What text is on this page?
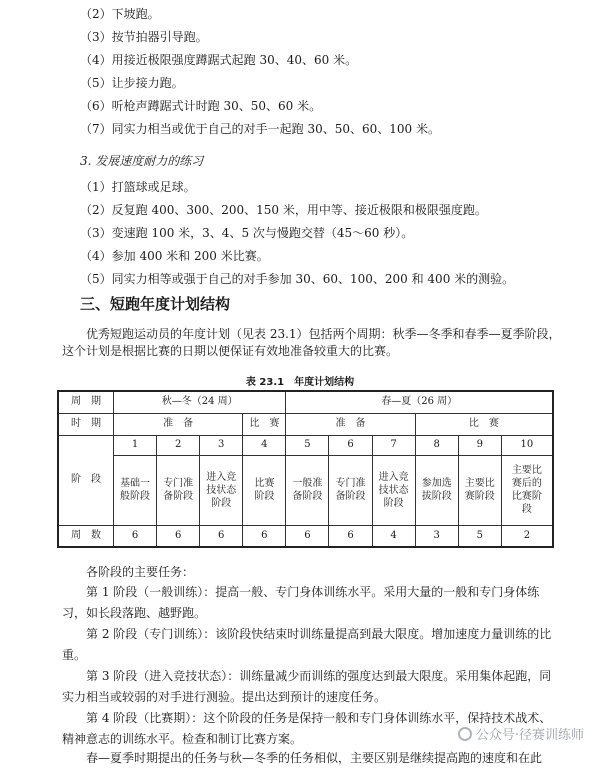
（2）下坡跑。
（3）按节拍器引导跑。
（4）用接近极限强度蹲踞式起跑 30、40、60 米。
（5）让步接力跑。
（6）听枪声蹲踞式计时跑 30、50、60 米。
（7）同实力相当或优于自己的对手一起跑 30、50、60、100 米。
3. 发展速度耐力的练习
（1）打篮球或足球。
（2）反复跑 400、300、200、150 米，用中等、接近极限和极限强度跑。
（3）变速跑 100 米，3、4、5 次与慢跑交替（45～60 秒）。
（4）参加 400 米和 200 米比赛。
（5）同实力相等或强于自己的对手参加 30、60、100、200 和 400 米的测验。
三、短跑年度计划结构
优秀短跑运动员的年度计划（见表 23.1）包括两个周期：秋季—冬季和春季—夏季阶段，这个计划是根据比赛的日期以便保证有效地准备较重大的比赛。
表 23.1　年度计划结构
周　期	秋—冬（24 周）				春—夏（26 周）					
时　期	准　备			比　赛	准　备			比　赛		
阶　段	1	2	3	4	5	6	7	8	9	10
	基础一般阶段	专门准备阶段	进入竞技状态阶段	比赛阶段	一般准备阶段	专门准备阶段	进入竞技状态阶段	参加选拔阶段	主要比赛阶段	主要比赛后的比赛阶段
周　数	6	6	6	6	6	6	4	3	5	2
各阶段的主要任务：
第 1 阶段（一般训练）：提高一般、专门身体训练水平。采用大量的一般和专门身体练习，如长段落跑、越野跑。
第 2 阶段（专门训练）：该阶段快结束时训练量提高到最大限度。增加速度力量训练的比重。
第 3 阶段（进入竞技状态）：训练量减少而训练的强度达到最大限度。采用集体起跑，同实力相当或较弱的对手进行测验。提出达到预计的速度任务。
第 4 阶段（比赛期）：这个阶段的任务是保持一般和专门身体训练水平，保持技术战术、精神意志的训练水平。检查和制订比赛方案。
春—夏季时期提出的任务与秋—冬季的任务相似，主要区别是继续提高跑的速度和在此
公众号·径赛训练师
